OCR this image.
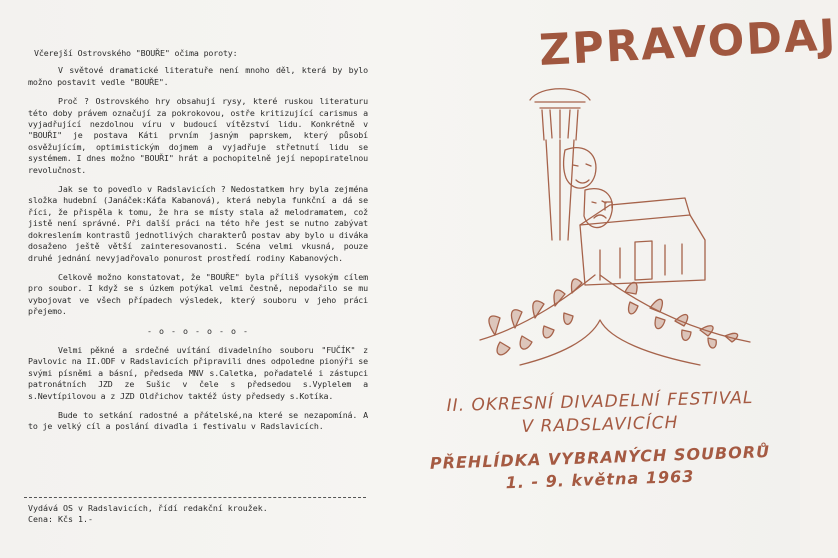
Včerejší Ostrovského "BOUŘE" očima poroty:

V světové dramatické literatuře není mnoho děl, která by bylo možno postavit vedle "BOUŘE".

Proč ? Ostrovského hry obsahují rysy, které ruskou literaturu této doby právem označují za pokrokovou, ostře kritizující carismus a vyjadřující nezdolnou víru v budoucí vítězství lidu. Konkrétně v "BOUŘI" je postava Káti prvním jasným paprskem, který působí osvěžujícím, optimistickým dojmem a vyjadřuje střetnutí lidu se systémem. I dnes možno "BOUŘI" hrát a pochopitelně její nepopiratelnou revolučnost.

Jak se to povedlo v Radslavicích ? Nedostatkem hry byla zejména složka hudební (Janáček:Káťa Kabanová), která nebyla funkční a dá se říci, že přispěla k tomu, že hra se místy stala až melodramatem, což jistě není správné. Při další práci na této hře jest se nutno zabývat dokreslením kontrastů jednotlivých charakterů postav aby bylo u diváka dosaženo ještě větší zainteresovanosti. Scéna velmi vkusná, pouze druhé jednání nevyjadřovalo ponurost prostředí rodiny Kabanových.

Celkově možno konstatovat, že "BOUŘE" byla příliš vysokým cílem pro soubor. I když se s úzkem potýkal velmi čestně, nepodařilo se mu vybojovat ve všech případech výsledek, který souboru v jeho práci přejemo.

- o - o - o - o -

Velmi pěkné a srdečné uvítání divadelního souboru "FUČÍK" z Pavlovic na II.ODF v Radslavicích připravili dnes odpoledne pionýři se svými písněmi a básní, předseda MNV s.Caletka, pořadatelé i zástupci patronátních JZD ze Sušic v čele s předsedou s.Vyplelem a s.Nevtípilovou a z JZD Oldřichov taktéž ústy předsedy s.Kotíka.

Bude to setkání radostné a přátelské,na které se nezapomíná. A to je velký cíl a poslání divadla i festivalu v Radslavicích.

Vydává OS v Radslavicích, řídí redakční kroužek.
Cena: Kčs 1.-
ZPRAVODAJ
II. OKRESNÍ DIVADELNÍ FESTIVAL
V RADSLAVICÍCH
PŘEHLÍDKA VYBRANÝCH SOUBORŮ
1. - 9. května 1963
